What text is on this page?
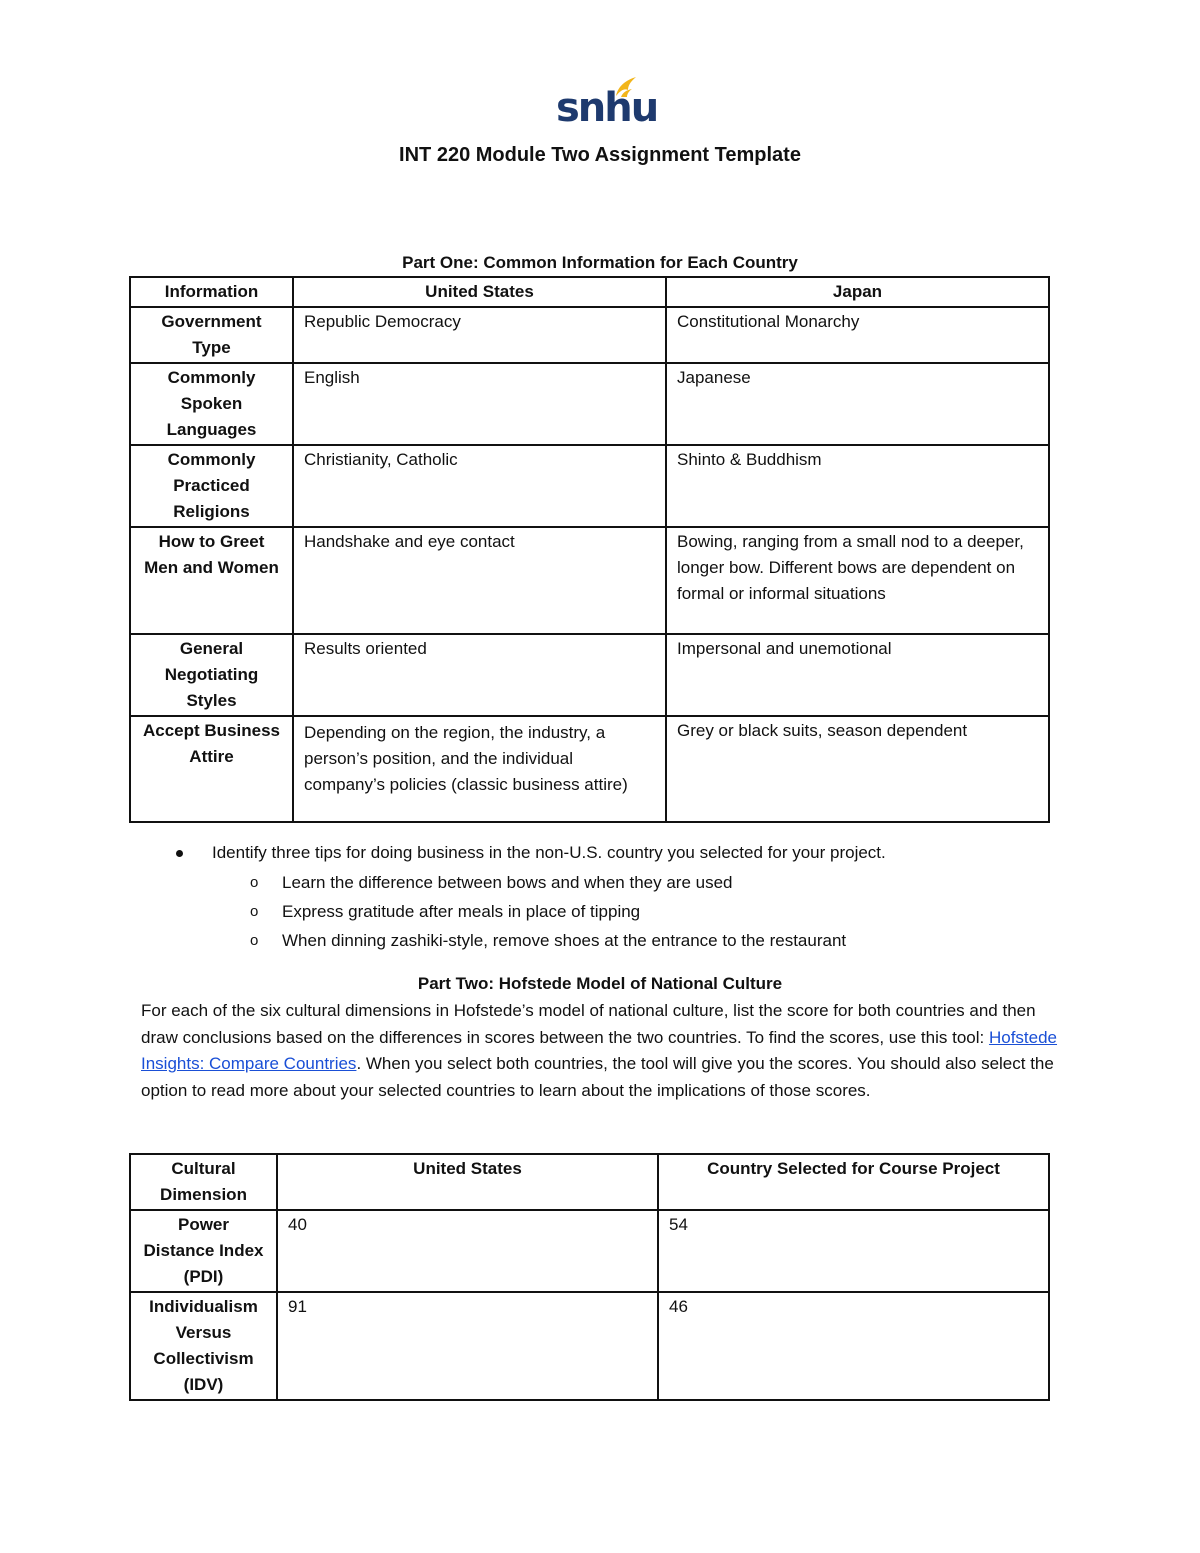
snhu
INT 220 Module Two Assignment Template
Part One: Common Information for Each Country
Information	United States	Japan
Government Type	Republic Democracy	Constitutional Monarchy
Commonly Spoken Languages	English	Japanese
Commonly Practiced Religions	Christianity, Catholic	Shinto & Buddhism
How to Greet Men and Women	Handshake and eye contact	Bowing, ranging from a small nod to a deeper, longer bow. Different bows are dependent on formal or informal situations
General Negotiating Styles	Results oriented	Impersonal and unemotional
Accept Business Attire	Depending on the region, the industry, a person’s position, and the individual company’s policies (classic business attire)	Grey or black suits, season dependent
Identify three tips for doing business in the non-U.S. country you selected for your project.
o Learn the difference between bows and when they are used
o Express gratitude after meals in place of tipping
o When dinning zashiki-style, remove shoes at the entrance to the restaurant
Part Two: Hofstede Model of National Culture
For each of the six cultural dimensions in Hofstede’s model of national culture, list the score for both countries and then draw conclusions based on the differences in scores between the two countries. To find the scores, use this tool: Hofstede Insights: Compare Countries. When you select both countries, the tool will give you the scores. You should also select the option to read more about your selected countries to learn about the implications of those scores.
Cultural Dimension	United States	Country Selected for Course Project
Power Distance Index (PDI)	40	54
Individualism Versus Collectivism (IDV)	91	46
